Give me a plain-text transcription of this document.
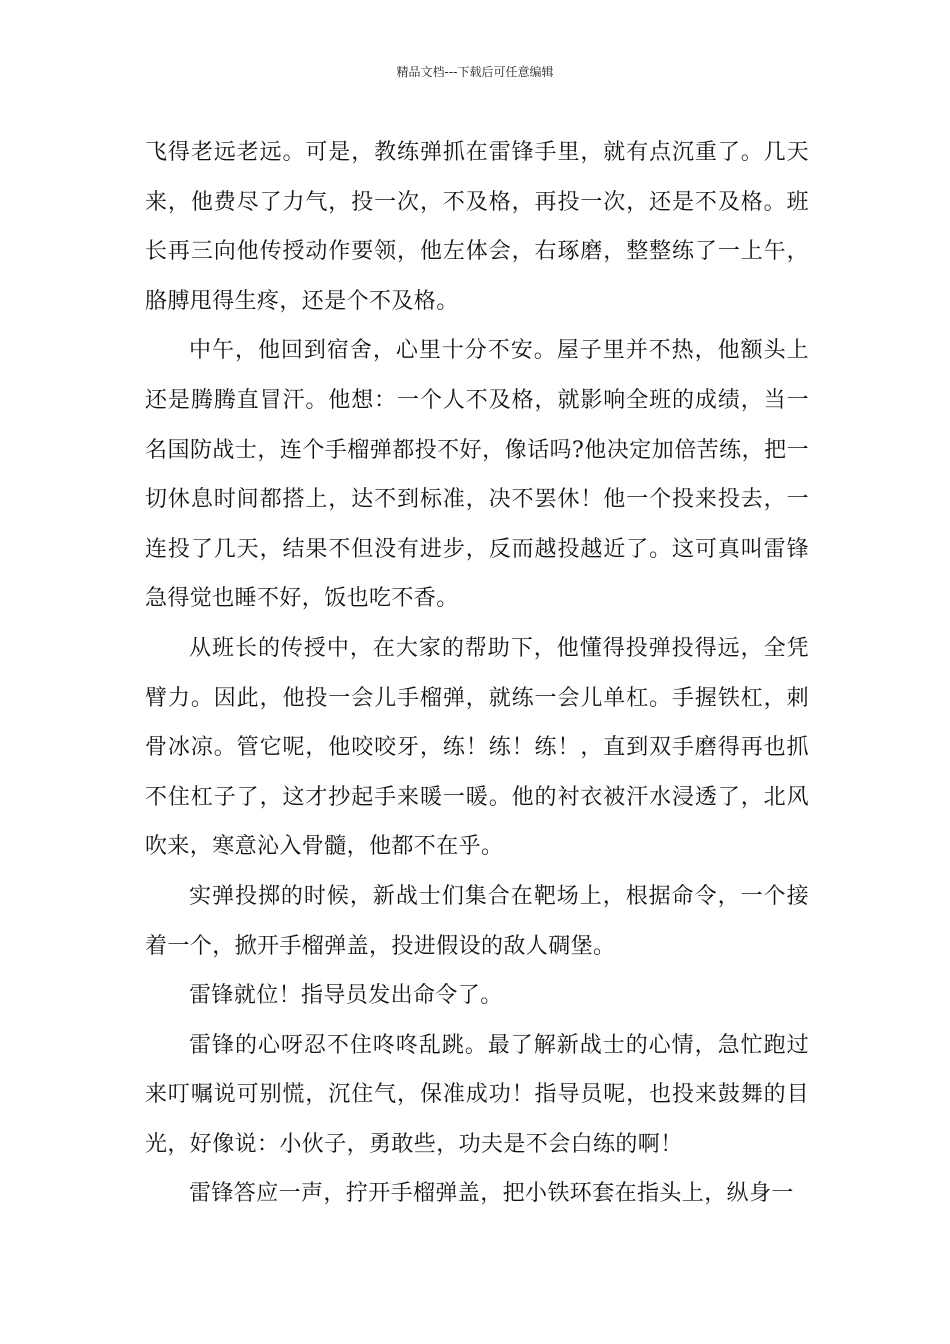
精品文档---下载后可任意编辑

飞得老远老远。可是，教练弹抓在雷锋手里，就有点沉重了。几天来，他费尽了力气，投一次，不及格，再投一次，还是不及格。班长再三向他传授动作要领，他左体会，右琢磨，整整练了一上午，胳膊甩得生疼，还是个不及格。

中午，他回到宿舍，心里十分不安。屋子里并不热，他额头上还是腾腾直冒汗。他想：一个人不及格，就影响全班的成绩，当一名国防战士，连个手榴弹都投不好，像话吗?他决定加倍苦练，把一切休息时间都搭上，达不到标准，决不罢休！他一个投来投去，一连投了几天，结果不但没有进步，反而越投越近了。这可真叫雷锋急得觉也睡不好，饭也吃不香。

从班长的传授中，在大家的帮助下，他懂得投弹投得远，全凭臂力。因此，他投一会儿手榴弹，就练一会儿单杠。手握铁杠，刺骨冰凉。管它呢，他咬咬牙，练！练！练！，直到双手磨得再也抓不住杠子了，这才抄起手来暖一暖。他的衬衣被汗水浸透了，北风吹来，寒意沁入骨髓，他都不在乎。

实弹投掷的时候，新战士们集合在靶场上，根据命令，一个接着一个，掀开手榴弹盖，投进假设的敌人碉堡。

雷锋就位！指导员发出命令了。

雷锋的心呀忍不住咚咚乱跳。最了解新战士的心情，急忙跑过来叮嘱说可别慌，沉住气，保准成功！指导员呢，也投来鼓舞的目光，好像说：小伙子，勇敢些，功夫是不会白练的啊！

雷锋答应一声，拧开手榴弹盖，把小铁环套在指头上，纵身一
